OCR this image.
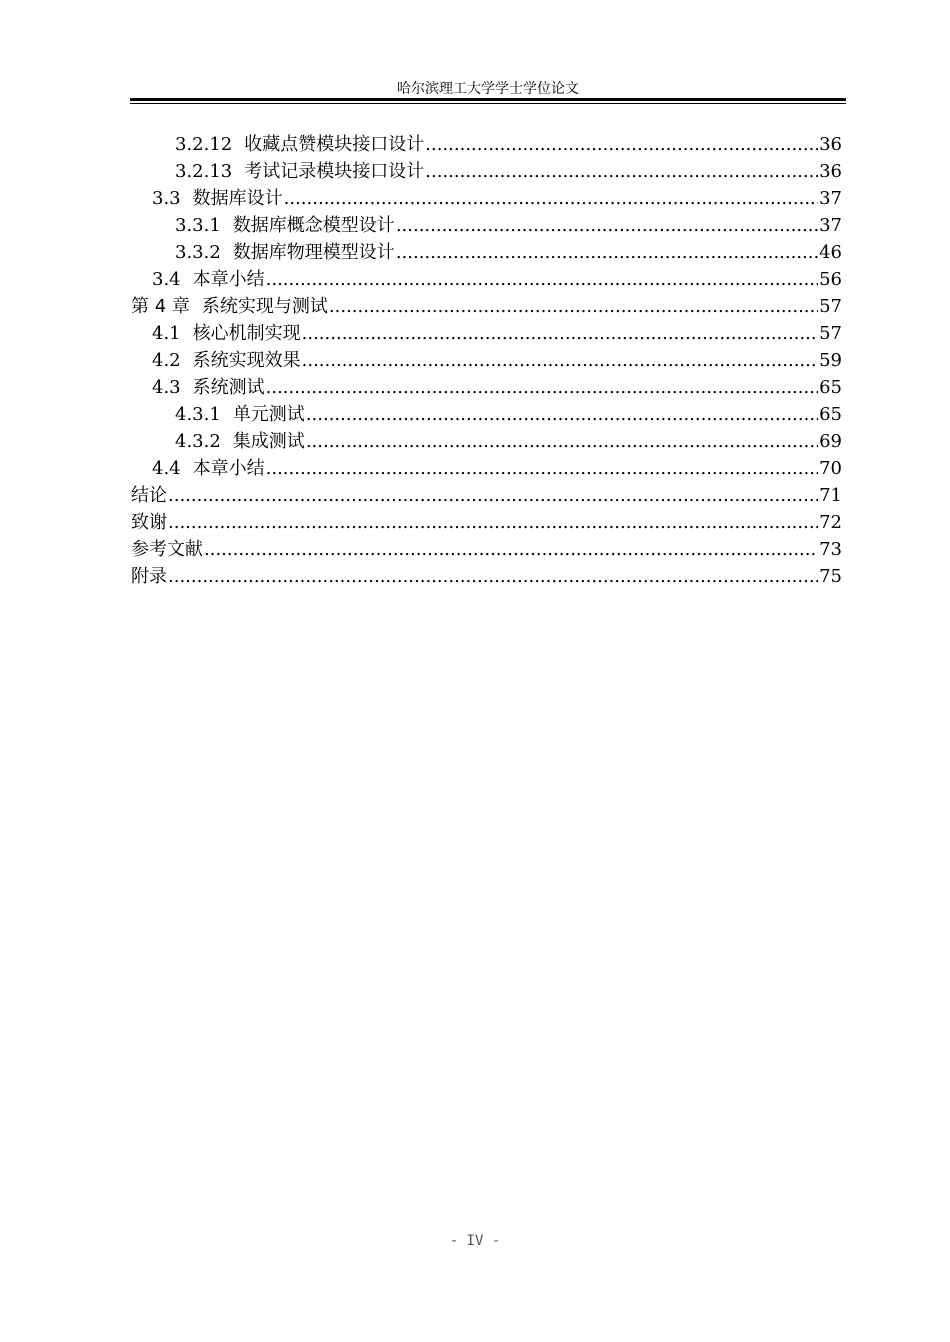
哈尔滨理工大学学士学位论文
3.2.12 收藏点赞模块接口设计 .....	36
3.2.13 考试记录模块接口设计 .....	36
3.3 数据库设计 .....	37
3.3.1 数据库概念模型设计 .....	37
3.3.2 数据库物理模型设计 .....	46
3.4 本章小结 .....	56
第 4 章 系统实现与测试 .....	57
4.1 核心机制实现 .....	57
4.2 系统实现效果 .....	59
4.3 系统测试 .....	65
4.3.1 单元测试 .....	65
4.3.2 集成测试 .....	69
4.4 本章小结 .....	70
结论 .....	71
致谢 .....	72
参考文献 .....	73
附录 .....	75
- IV -
